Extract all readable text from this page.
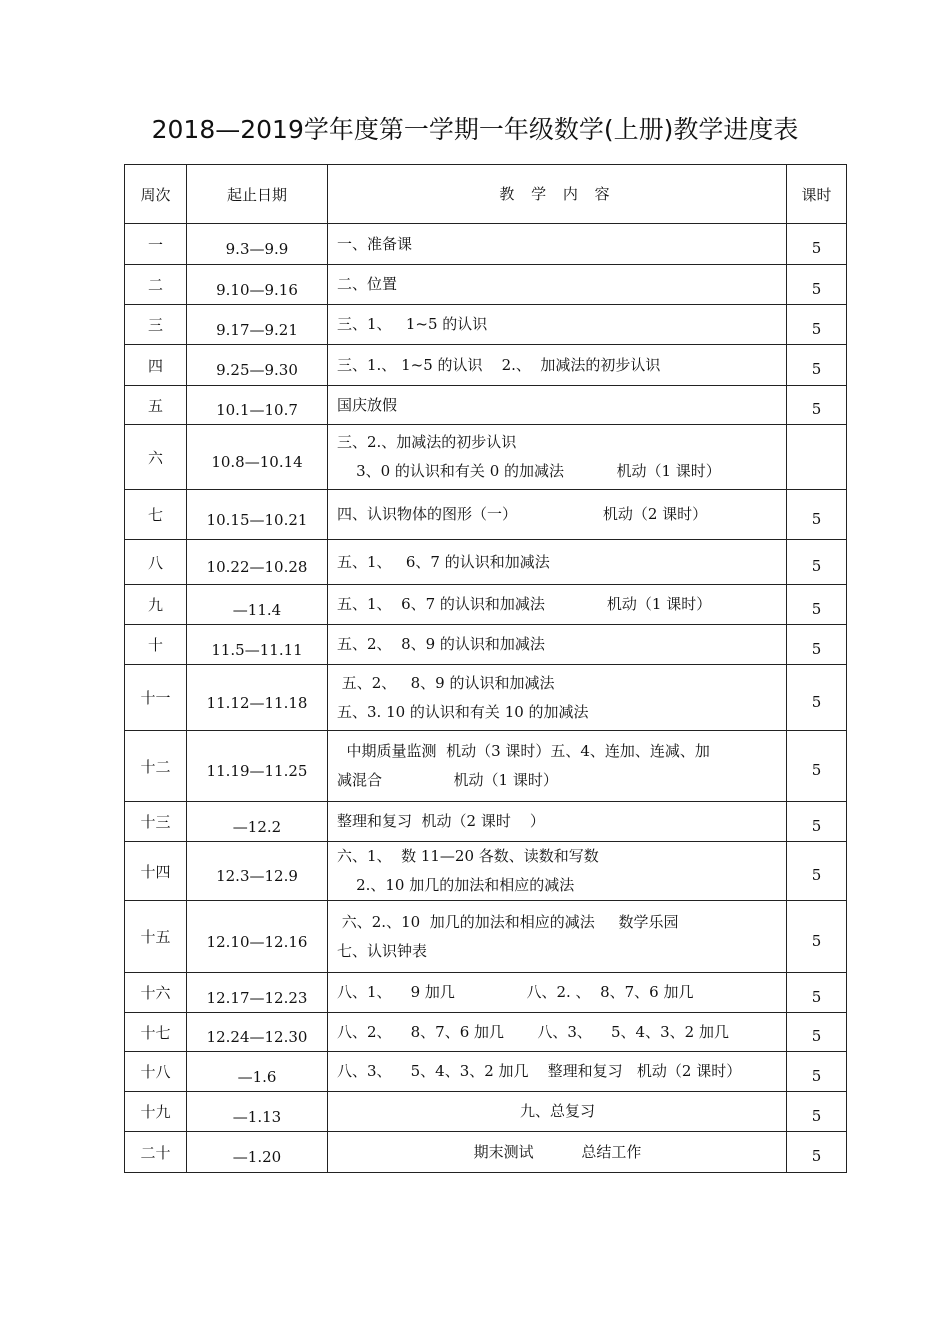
2018—2019学年度第一学期一年级数学(上册)教学进度表
周次	起止日期	教 学 内 容	课时
一	9.3—9.9	一、准备课	5
二	9.10—9.16	二、位置	5
三	9.17—9.21	三、1、   1~5 的认识	5
四	9.25—9.30	三、1.、 1~5 的认识    2.、  加减法的初步认识	5
五	10.1—10.7	国庆放假	5
六	10.8—10.14	三、2.、加减法的初步认识
3、0 的认识和有关 0 的加减法           机动（1 课时）	

七	10.15—10.21	四、认识物体的图形（一）                  机动（2 课时）	5
八	10.22—10.28	五、1、   6、7 的认识和加减法	5
九	—11.4	五、1、  6、7 的认识和加减法             机动（1 课时）	5
十	11.5—11.11	五、2、  8、9 的认识和加减法	5
十一	11.12—11.18	五、2、   8、9 的认识和加减法
五、3. 10 的认识和有关 10 的加减法	5
十二	11.19—11.25	中期质量监测  机动（3 课时）五、4、连加、连减、加
减混合               机动（1 课时）	5
十三	—12.2	整理和复习  机动（2 课时    ）	5
十四	12.3—12.9	六、1、  数 11—20 各数、读数和写数
2.、10 加几的加法和相应的减法	5
十五	12.10—12.16	六、2.、10  加几的加法和相应的减法     数学乐园
七、认识钟表	5
十六	12.17—12.23	八、1、    9 加几               八、2. 、  8、7、6 加几	5
十七	12.24—12.30	八、2、    8、7、6 加几       八、3、    5、4、3、2 加几	5
十八	—1.6	八、3、    5、4、3、2 加几    整理和复习   机动（2 课时）	5
十九	—1.13	九、总复习	5
二十	—1.20	期末测试          总结工作	5
